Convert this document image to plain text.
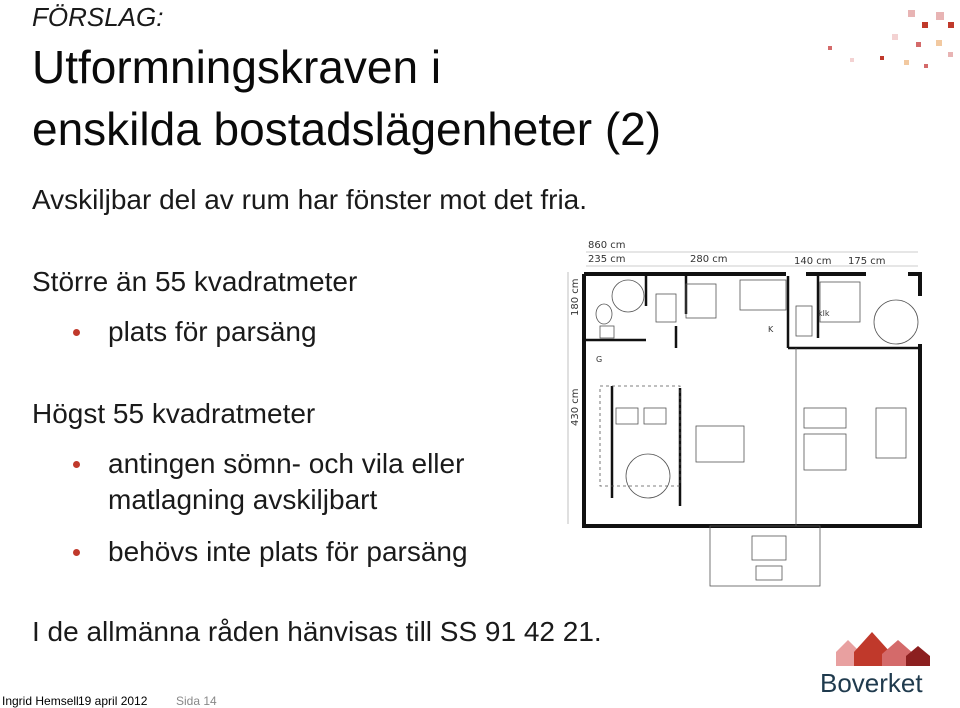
FÖRSLAG:
Utformningskraven i
enskilda bostadslägenheter (2)
Avskiljbar del av rum har fönster mot det fria.
Större än 55 kvadratmeter
plats för parsäng
Högst 55 kvadratmeter
antingen sömn- och vila eller
matlagning avskiljbart
behövs inte plats för parsäng
I de allmänna råden hänvisas till SS 91 42 21.
860 cm
235 cm	280 cm	140 cm 175 cm
180 cm
430 cm
klk
K
G
Boverket
Ingrid Hemsell 19 april 2012 Sida 14
